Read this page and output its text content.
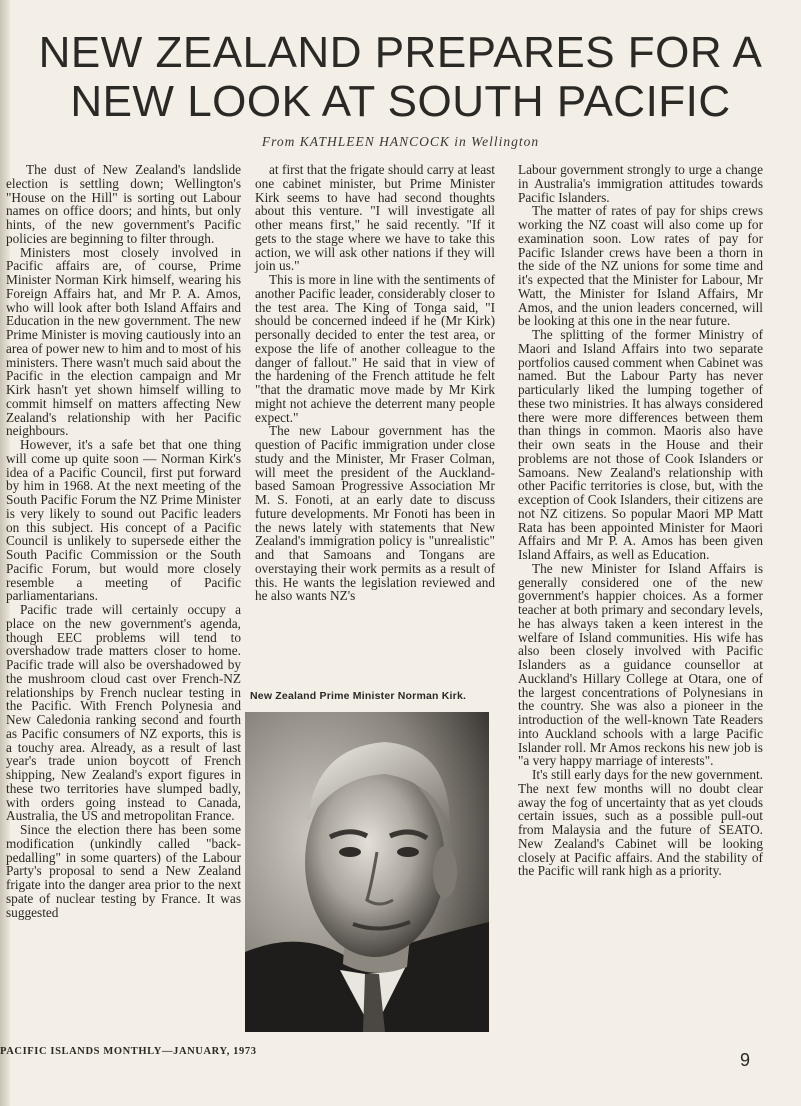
NEW ZEALAND PREPARES FOR A NEW LOOK AT SOUTH PACIFIC

From KATHLEEN HANCOCK in Wellington

The dust of New Zealand's landslide election is settling down; Wellington's "House on the Hill" is sorting out Labour names on office doors; and hints, but only hints, of the new government's Pacific policies are beginning to filter through.

Ministers most closely involved in Pacific affairs are, of course, Prime Minister Norman Kirk himself, wearing his Foreign Affairs hat, and Mr P. A. Amos, who will look after both Island Affairs and Education in the new government. The new Prime Minister is moving cautiously into an area of power new to him and to most of his ministers. There wasn't much said about the Pacific in the election campaign and Mr Kirk hasn't yet shown himself willing to commit himself on matters affecting New Zealand's relationship with her Pacific neighbours.

However, it's a safe bet that one thing will come up quite soon — Norman Kirk's idea of a Pacific Council, first put forward by him in 1968. At the next meeting of the South Pacific Forum the NZ Prime Minister is very likely to sound out Pacific leaders on this subject. His concept of a Pacific Council is unlikely to supersede either the South Pacific Commission or the South Pacific Forum, but would more closely resemble a meeting of Pacific parliamentarians.

Pacific trade will certainly occupy a place on the new government's agenda, though EEC problems will tend to overshadow trade matters closer to home. Pacific trade will also be overshadowed by the mushroom cloud cast over French-NZ relationships by French nuclear testing in the Pacific. With French Polynesia and New Caledonia ranking second and fourth as Pacific consumers of NZ exports, this is a touchy area. Already, as a result of last year's trade union boycott of French shipping, New Zealand's export figures in these two territories have slumped badly, with orders going instead to Canada, Australia, the US and metropolitan France.

Since the election there has been some modification (unkindly called "back-pedalling" in some quarters) of the Labour Party's proposal to send a New Zealand frigate into the danger area prior to the next spate of nuclear testing by France. It was suggested

at first that the frigate should carry at least one cabinet minister, but Prime Minister Kirk seems to have had second thoughts about this venture. "I will investigate all other means first," he said recently. "If it gets to the stage where we have to take this action, we will ask other nations if they will join us."

This is more in line with the sentiments of another Pacific leader, considerably closer to the test area. The King of Tonga said, "I should be concerned indeed if he (Mr Kirk) personally decided to enter the test area, or expose the life of another colleague to the danger of fallout." He said that in view of the hardening of the French attitude he felt "that the dramatic move made by Mr Kirk might not achieve the deterrent many people expect."

The new Labour government has the question of Pacific immigration under close study and the Minister, Mr Fraser Colman, will meet the president of the Auckland-based Samoan Progressive Association Mr M. S. Fonoti, at an early date to discuss future developments. Mr Fonoti has been in the news lately with statements that New Zealand's immigration policy is "unrealistic" and that Samoans and Tongans are overstaying their work permits as a result of this. He wants the legislation reviewed and he also wants NZ's

New Zealand Prime Minister Norman Kirk.

Labour government strongly to urge a change in Australia's immigration attitudes towards Pacific Islanders.

The matter of rates of pay for ships crews working the NZ coast will also come up for examination soon. Low rates of pay for Pacific Islander crews have been a thorn in the side of the NZ unions for some time and it's expected that the Minister for Labour, Mr Watt, the Minister for Island Affairs, Mr Amos, and the union leaders concerned, will be looking at this one in the near future.

The splitting of the former Ministry of Maori and Island Affairs into two separate portfolios caused comment when Cabinet was named. But the Labour Party has never particularly liked the lumping together of these two ministries. It has always considered there were more differences between them than things in common. Maoris also have their own seats in the House and their problems are not those of Cook Islanders or Samoans. New Zealand's relationship with other Pacific territories is close, but, with the exception of Cook Islanders, their citizens are not NZ citizens. So popular Maori MP Matt Rata has been appointed Minister for Maori Affairs and Mr P. A. Amos has been given Island Affairs, as well as Education.

The new Minister for Island Affairs is generally considered one of the new government's happier choices. As a former teacher at both primary and secondary levels, he has always taken a keen interest in the welfare of Island communities. His wife has also been closely involved with Pacific Islanders as a guidance counsellor at Auckland's Hillary College at Otara, one of the largest concentrations of Polynesians in the country. She was also a pioneer in the introduction of the well-known Tate Readers into Auckland schools with a large Pacific Islander roll. Mr Amos reckons his new job is "a very happy marriage of interests".

It's still early days for the new government. The next few months will no doubt clear away the fog of uncertainty that as yet clouds certain issues, such as a possible pull-out from Malaysia and the future of SEATO. New Zealand's Cabinet will be looking closely at Pacific affairs. And the stability of the Pacific will rank high as a priority.

PACIFIC ISLANDS MONTHLY—JANUARY, 1973	9
